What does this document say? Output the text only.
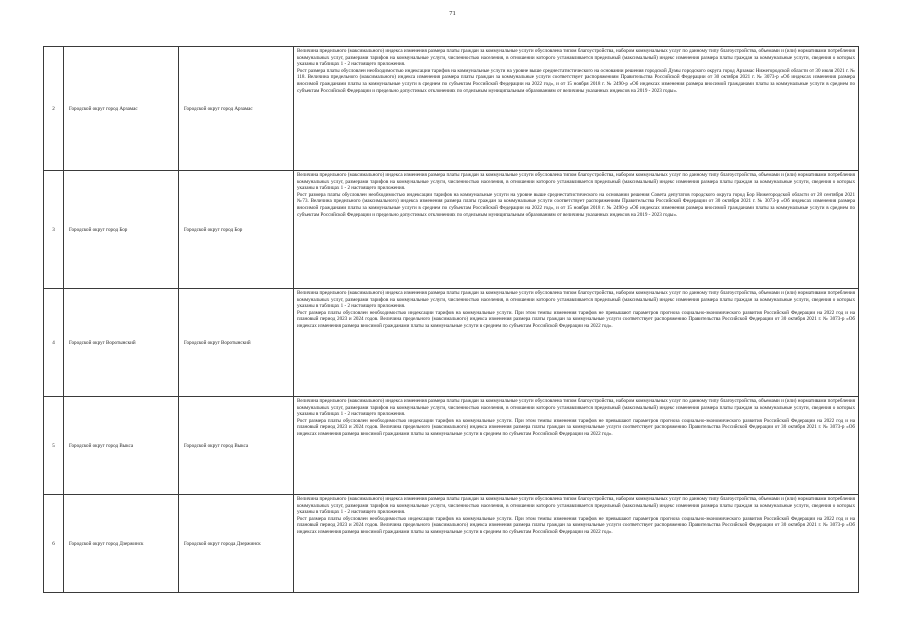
71
2	Городской округ город Арзамас	Городской округ город Арзамас	Величина предельного (максимального) индекса изменения размера платы граждан за коммунальные услуги обусловлена типом благоустройства, набором коммунальных услуг по данному типу благоустройства, объемами и (или) нормативами потребления коммунальных услуг, размерами тарифов на коммунальные услуги, численностью населения, в отношении которого устанавливается предельный (максимальный) индекс изменения размера платы граждан за коммунальные услуги, сведения о которых указаны в таблицах 1 - 2 настоящего приложения.
Рост размера платы обусловлен необходимостью индексации тарифов на коммунальные услуги на уровне выше среднестатистического на основании решения городской Думы городского округа город Арзамас Нижегородской области от 30 июля 2021 г. № 118. Величина предельного (максимального) индекса изменения размера платы граждан за коммунальные услуги соответствует распоряжениям Правительства Российской Федерации от 30 октября 2021 г. № 3073-р «Об индексах изменения размера вносимой гражданами платы за коммунальные услуги в среднем по субъектам Российской Федерации на 2022 год», и от 15 ноября 2018 г. № 2490-р «Об индексах изменения размера вносимой гражданами платы за коммунальные услуги в среднем по субъектам Российской Федерации и предельно допустимых отклонениях по отдельным муниципальным образованиям от величины указанных индексов на 2019 - 2023 годы».

3	Городской округ город Бор	Городской округ город Бор	Величина предельного (максимального) индекса изменения размера платы граждан за коммунальные услуги обусловлена типом благоустройства, набором коммунальных услуг по данному типу благоустройства, объемами и (или) нормативами потребления коммунальных услуг, размерами тарифов на коммунальные услуги, численностью населения, в отношении которого устанавливается предельный (максимальный) индекс изменения размера платы граждан за коммунальные услуги, сведения о которых указаны в таблицах 1 - 2 настоящего приложения.
Рост размера платы обусловлен необходимостью индексации тарифов на коммунальные услуги на уровне выше среднестатистического на основании решения Совета депутатов городского округа город Бор Нижегородской области от 28 сентября 2021 №73. Величина предельного (максимального) индекса изменения размера платы граждан за коммунальные услуги соответствует распоряжениям Правительства Российской Федерации от 30 октября 2021 г. № 3073-р «Об индексах изменения размера вносимой гражданами платы за коммунальные услуги в среднем по субъектам Российской Федерации на 2022 год», и от 15 ноября 2018 г. № 2490-р «Об индексах изменения размера вносимой гражданами платы за коммунальные услуги в среднем по субъектам Российской Федерации и предельно допустимых отклонениях по отдельным муниципальным образованиям от величины указанных индексов на 2019 - 2023 годы».

4	Городской округ Воротынский	Городской округ Воротынский	Величина предельного (максимального) индекса изменения размера платы граждан за коммунальные услуги обусловлена типом благоустройства, набором коммунальных услуг по данному типу благоустройства, объемами и (или) нормативами потребления коммунальных услуг, размерами тарифов на коммунальные услуги, численностью населения, в отношении которого устанавливается предельный (максимальный) индекс изменения размера платы граждан за коммунальные услуги, сведения о которых указаны в таблицах 1 - 2 настоящего приложения.
Рост размера платы обусловлен необходимостью индексации тарифов на коммунальные услуги. При этом темпы изменения тарифов не превышают параметров прогноза социально-экономического развития Российской Федерации на 2022 год и на плановый период 2023 и 2024 годов. Величина предельного (максимального) индекса изменения размера платы граждан за коммунальные услуги соответствует распоряжению Правительства Российской Федерации от 30 октября 2021 г. № 3073-р «Об индексах изменения размера вносимой гражданами платы за коммунальные услуги в среднем по субъектам Российской Федерации на 2022 год».

5	Городской округ город Выкса	Городской округ город Выкса	Величина предельного (максимального) индекса изменения размера платы граждан за коммунальные услуги обусловлена типом благоустройства, набором коммунальных услуг по данному типу благоустройства, объемами и (или) нормативами потребления коммунальных услуг, размерами тарифов на коммунальные услуги, численностью населения, в отношении которого устанавливается предельный (максимальный) индекс изменения размера платы граждан за коммунальные услуги, сведения о которых указаны в таблицах 1 - 2 настоящего приложения.
Рост размера платы обусловлен необходимостью индексации тарифов на коммунальные услуги. При этом темпы изменения тарифов не превышают параметров прогноза социально-экономического развития Российской Федерации на 2022 год и на плановый период 2023 и 2024 годов. Величина предельного (максимального) индекса изменения размера платы граждан за коммунальные услуги соответствует распоряжению Правительства Российской Федерации от 30 октября 2021 г. № 3073-р «Об индексах изменения размера вносимой гражданами платы за коммунальные услуги в среднем по субъектам Российской Федерации на 2022 год».

6	Городской округ город Дзержинск	Городской округ города Дзержинск	Величина предельного (максимального) индекса изменения размера платы граждан за коммунальные услуги обусловлена типом благоустройства, набором коммунальных услуг по данному типу благоустройства, объемами и (или) нормативами потребления коммунальных услуг, размерами тарифов на коммунальные услуги, численностью населения, в отношении которого устанавливается предельный (максимальный) индекс изменения размера платы граждан за коммунальные услуги, сведения о которых указаны в таблицах 1 - 2 настоящего приложения.
Рост размера платы обусловлен необходимостью индексации тарифов на коммунальные услуги. При этом темпы изменения тарифов не превышают параметров прогноза социально-экономического развития Российской Федерации на 2022 год и на плановый период 2023 и 2024 годов. Величина предельного (максимального) индекса изменения размера платы граждан за коммунальные услуги соответствует распоряжению Правительства Российской Федерации от 30 октября 2021 г. № 3073-р «Об индексах изменения размера вносимой гражданами платы за коммунальные услуги в среднем по субъектам Российской Федерации на 2022 год».
